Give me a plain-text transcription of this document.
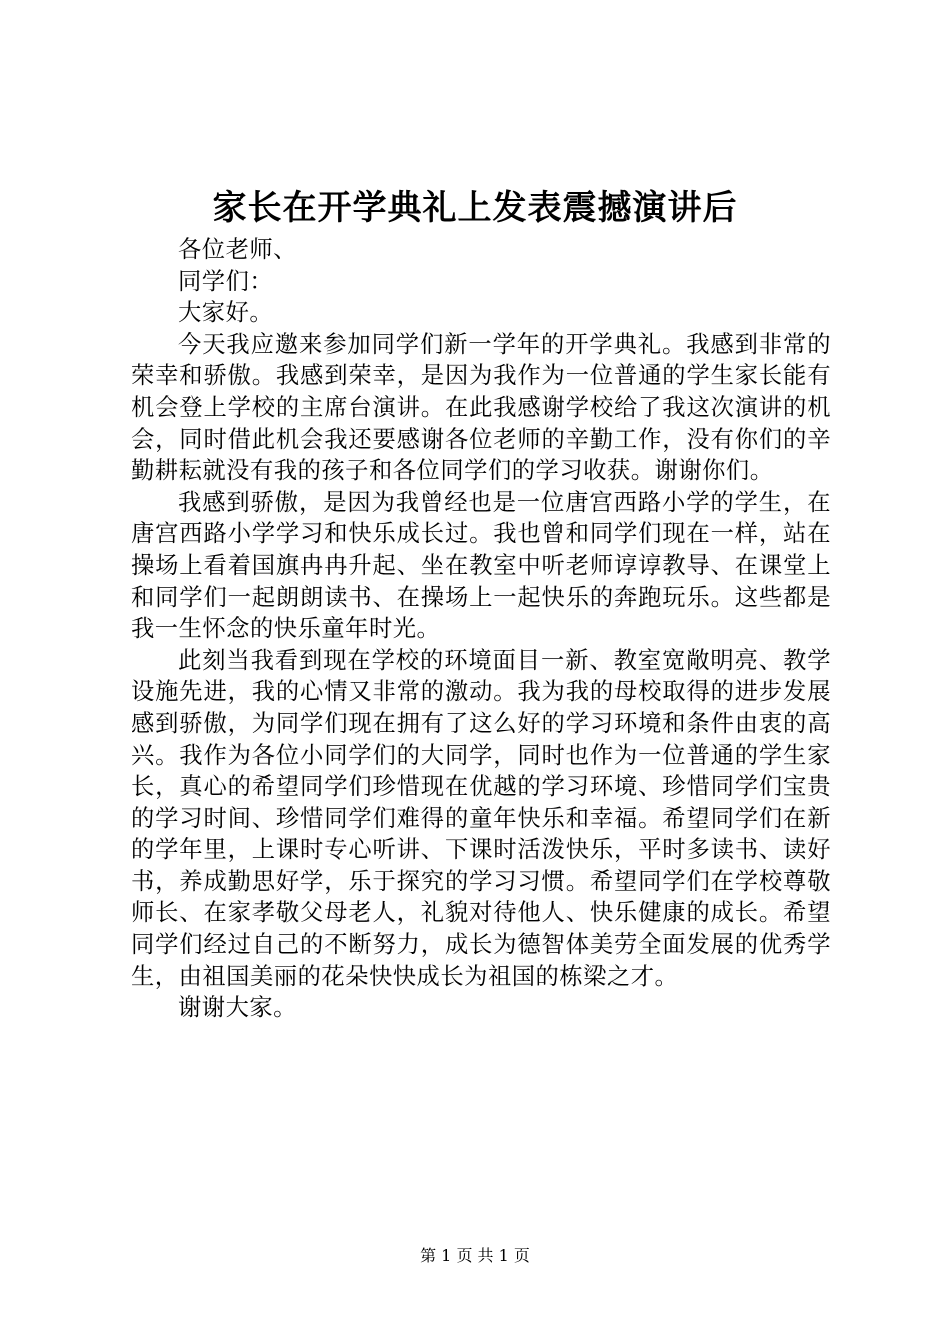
家长在开学典礼上发表震撼演讲后

各位老师、

同学们：

大家好。

今天我应邀来参加同学们新一学年的开学典礼。我感到非常的荣幸和骄傲。我感到荣幸，是因为我作为一位普通的学生家长能有机会登上学校的主席台演讲。在此我感谢学校给了我这次演讲的机会，同时借此机会我还要感谢各位老师的辛勤工作，没有你们的辛勤耕耘就没有我的孩子和各位同学们的学习收获。谢谢你们。

我感到骄傲，是因为我曾经也是一位唐宫西路小学的学生，在唐宫西路小学学习和快乐成长过。我也曾和同学们现在一样，站在操场上看着国旗冉冉升起、坐在教室中听老师谆谆教导、在课堂上和同学们一起朗朗读书、在操场上一起快乐的奔跑玩乐。这些都是我一生怀念的快乐童年时光。

此刻当我看到现在学校的环境面目一新、教室宽敞明亮、教学设施先进，我的心情又非常的激动。我为我的母校取得的进步发展感到骄傲，为同学们现在拥有了这么好的学习环境和条件由衷的高兴。我作为各位小同学们的大同学，同时也作为一位普通的学生家长，真心的希望同学们珍惜现在优越的学习环境、珍惜同学们宝贵的学习时间、珍惜同学们难得的童年快乐和幸福。希望同学们在新的学年里，上课时专心听讲、下课时活泼快乐，平时多读书、读好书，养成勤思好学，乐于探究的学习习惯。希望同学们在学校尊敬师长、在家孝敬父母老人，礼貌对待他人、快乐健康的成长。希望同学们经过自己的不断努力，成长为德智体美劳全面发展的优秀学生，由祖国美丽的花朵快快成长为祖国的栋梁之才。

谢谢大家。

第 1 页 共 1 页
